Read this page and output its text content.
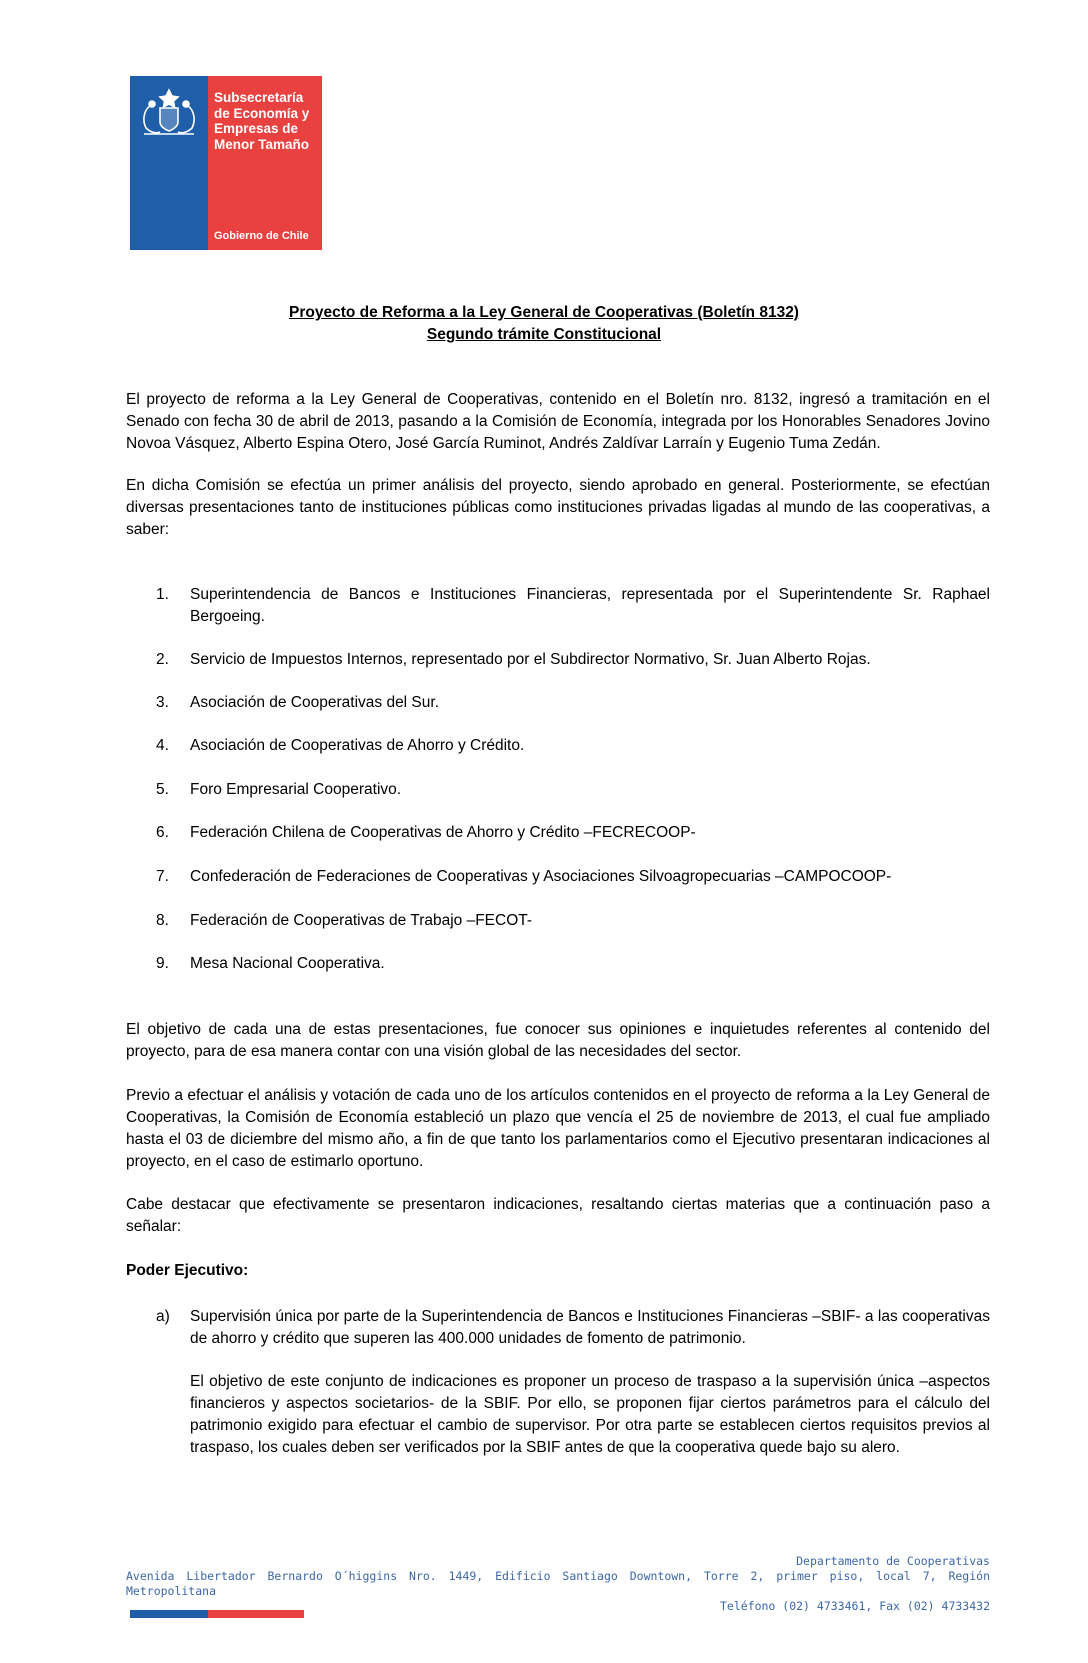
Subsecretaría
de Economía y
Empresas de
Menor Tamaño
Gobierno de Chile
Proyecto de Reforma a la Ley General de Cooperativas (Boletín 8132)
Segundo trámite Constitucional
El proyecto de reforma a la Ley General de Cooperativas, contenido en el Boletín nro. 8132, ingresó a tramitación en el Senado con fecha 30 de abril de 2013, pasando a la Comisión de Economía, integrada por los Honorables Senadores Jovino Novoa Vásquez, Alberto Espina Otero, José García Ruminot, Andrés Zaldívar Larraín y Eugenio Tuma Zedán.
En dicha Comisión se efectúa un primer análisis del proyecto, siendo aprobado en general. Posteriormente, se efectúan diversas presentaciones tanto de instituciones públicas como instituciones privadas ligadas al mundo de las cooperativas, a saber:
1.	Superintendencia de Bancos e Instituciones Financieras, representada por el Superintendente Sr. Raphael Bergoeing.
2.	Servicio de Impuestos Internos, representado por el Subdirector Normativo, Sr. Juan Alberto Rojas.
3.	Asociación de Cooperativas del Sur.
4.	Asociación de Cooperativas de Ahorro y Crédito.
5.	Foro Empresarial Cooperativo.
6.	Federación Chilena de Cooperativas de Ahorro y Crédito –FECRECOOP-
7.	Confederación de Federaciones de Cooperativas y Asociaciones Silvoagropecuarias –CAMPOCOOP-
8.	Federación de Cooperativas de Trabajo –FECOT-
9.	Mesa Nacional Cooperativa.
El objetivo de cada una de estas presentaciones, fue conocer sus opiniones e inquietudes referentes al contenido del proyecto, para de esa manera contar con una visión global de las necesidades del sector.
Previo a efectuar el análisis y votación de cada uno de los artículos contenidos en el proyecto de reforma a la Ley General de Cooperativas, la Comisión de Economía estableció un plazo que vencía el 25 de noviembre de 2013, el cual fue ampliado hasta el 03 de diciembre del mismo año, a fin de que tanto los parlamentarios como el Ejecutivo presentaran indicaciones al proyecto, en el caso de estimarlo oportuno.
Cabe destacar que efectivamente se presentaron indicaciones, resaltando ciertas materias que a continuación paso a señalar:
Poder Ejecutivo:
a) Supervisión única por parte de la Superintendencia de Bancos e Instituciones Financieras –SBIF- a las cooperativas de ahorro y crédito que superen las 400.000 unidades de fomento de patrimonio.
El objetivo de este conjunto de indicaciones es proponer un proceso de traspaso a la supervisión única –aspectos financieros y aspectos societarios- de la SBIF. Por ello, se proponen fijar ciertos parámetros para el cálculo del patrimonio exigido para efectuar el cambio de supervisor. Por otra parte se establecen ciertos requisitos previos al traspaso, los cuales deben ser verificados por la SBIF antes de que la cooperativa quede bajo su alero.
Departamento de Cooperativas
Avenida Libertador Bernardo O´higgins Nro. 1449, Edificio Santiago Downtown, Torre 2, primer piso, local 7, Región Metropolitana
Teléfono (02) 4733461, Fax (02) 4733432
